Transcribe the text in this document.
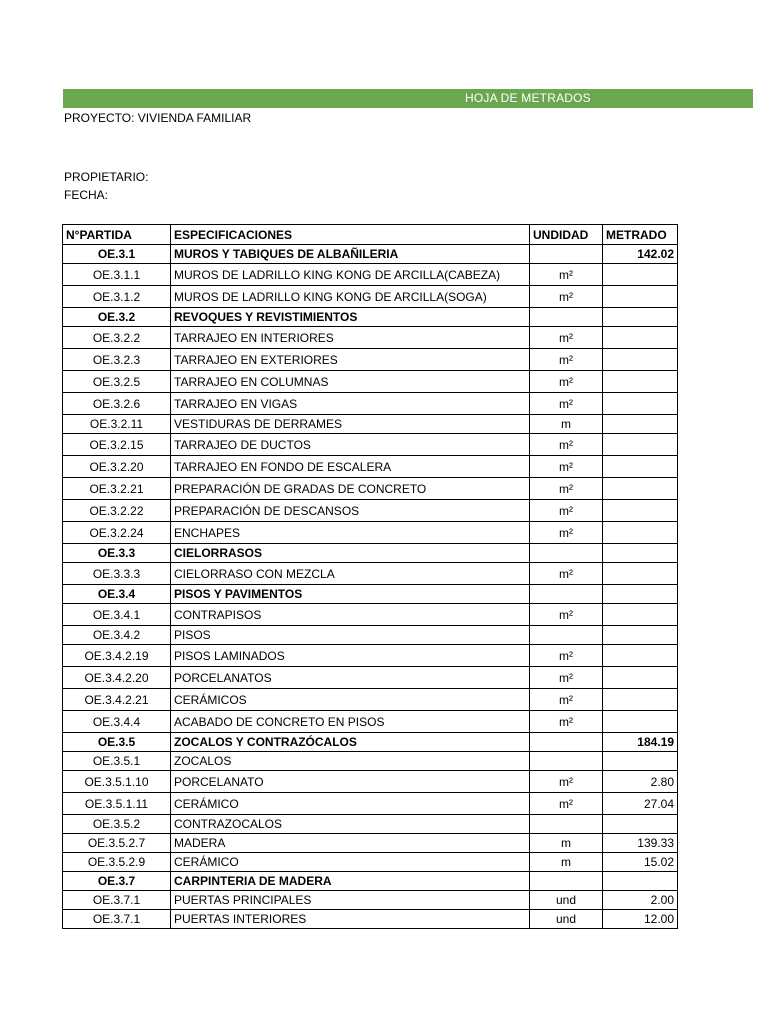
HOJA DE METRADOS
PROYECTO: VIVIENDA FAMILIAR
PROPIETARIO:
FECHA:
N°PARTIDA	ESPECIFICACIONES	UNDIDAD	METRADO
OE.3.1	MUROS Y TABIQUES DE ALBAÑILERIA		142.02
OE.3.1.1	MUROS DE LADRILLO KING KONG DE ARCILLA(CABEZA)	m²	
OE.3.1.2	MUROS DE LADRILLO KING KONG DE ARCILLA(SOGA)	m²	
OE.3.2	REVOQUES Y REVISTIMIENTOS		
OE.3.2.2	TARRAJEO EN INTERIORES	m²	
OE.3.2.3	TARRAJEO EN EXTERIORES	m²	
OE.3.2.5	TARRAJEO EN COLUMNAS	m²	
OE.3.2.6	TARRAJEO EN VIGAS	m²	
OE.3.2.11	VESTIDURAS DE DERRAMES	m	
OE.3.2.15	TARRAJEO DE DUCTOS	m²	
OE.3.2.20	TARRAJEO EN FONDO DE ESCALERA	m²	
OE.3.2.21	PREPARACIÓN DE GRADAS DE CONCRETO	m²	
OE.3.2.22	PREPARACIÓN DE DESCANSOS	m²	
OE.3.2.24	ENCHAPES	m²	
OE.3.3	CIELORRASOS		
OE.3.3.3	CIELORRASO CON MEZCLA	m²	
OE.3.4	PISOS Y PAVIMENTOS		
OE.3.4.1	CONTRAPISOS	m²	
OE.3.4.2	PISOS		
OE.3.4.2.19	PISOS LAMINADOS	m²	
OE.3.4.2.20	PORCELANATOS	m²	
OE.3.4.2.21	CERÁMICOS	m²	
OE.3.4.4	ACABADO DE CONCRETO EN PISOS	m²	
OE.3.5	ZOCALOS Y CONTRAZÓCALOS		184.19
OE.3.5.1	ZOCALOS		
OE.3.5.1.10	PORCELANATO	m²	2.80
OE.3.5.1.11	CERÁMICO	m²	27.04
OE.3.5.2	CONTRAZOCALOS		
OE.3.5.2.7	MADERA	m	139.33
OE.3.5.2.9	CERÁMICO	m	15.02
OE.3.7	CARPINTERIA DE MADERA		
OE.3.7.1	PUERTAS PRINCIPALES	und	2.00
OE.3.7.1	PUERTAS INTERIORES	und	12.00
